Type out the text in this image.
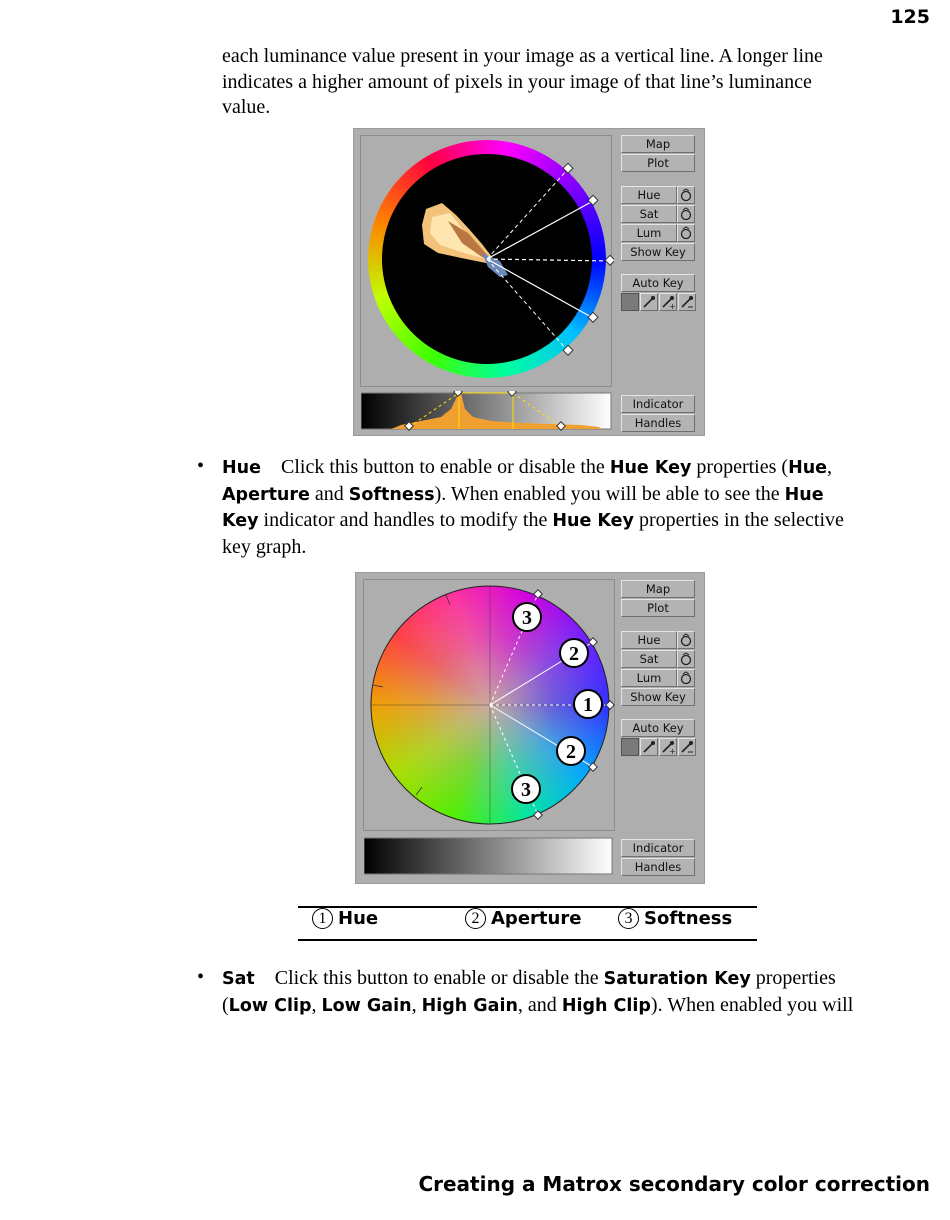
125

each luminance value present in your image as a vertical line. A longer line
indicates a higher amount of pixels in your image of that line’s luminance
value.

Map
Plot
Hue
Sat
Lum
Show Key
Auto Key
+
Indicator
Handles
• Hue Click this button to enable or disable the Hue Key properties (Hue,
Aperture and Softness). When enabled you will be able to see the Hue
Key indicator and handles to modify the Hue Key properties in the selective
key graph.

3
2
1
2
3
Map
Plot
Hue
Sat
Lum
Show Key
Auto Key
+
Indicator
Handles
1 Hue	2 Aperture	3 Softness
• Sat Click this button to enable or disable the Saturation Key properties
(Low Clip, Low Gain, High Gain, and High Clip). When enabled you will

Creating a Matrox secondary color correction
